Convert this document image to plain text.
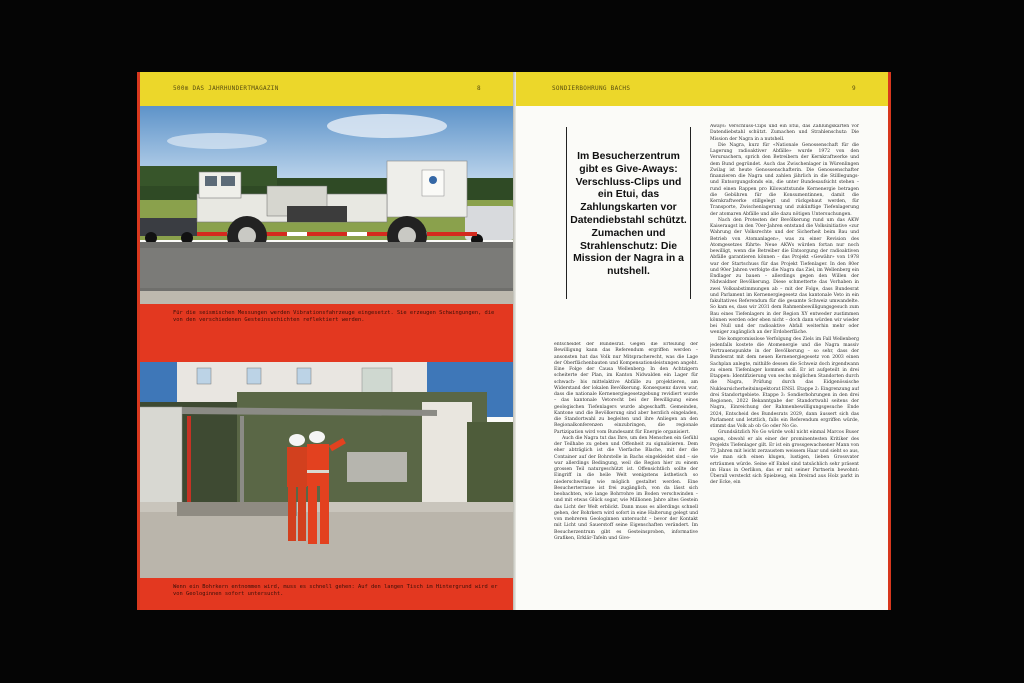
500m DAS JAHRHUNDERTMAGAZIN	8
Für die seismischen Messungen werden Vibrationsfahrzeuge eingesetzt. Sie erzeugen Schwingungen, die von den verschiedenen Gesteinsschichten reflektiert werden.
Wenn ein Bohrkern entnommen wird, muss es schnell gehen: Auf den langen Tisch im Hintergrund wird er von Geologinnen sofort untersucht.
SONDIERBOHRUNG BACHS	9
Im Besucherzentrum gibt es Give-Aways: Verschluss-Clips und ein Etui, das Zahlungskarten vor Datendiebstahl schützt. Zumachen und Strahlenschutz: Die Mission der Nagra in a nutshell.

entscheidet der Bundesrat. Gegen die Erteilung der Bewilligung kann das Referendum ergriffen werden – ansonsten hat das Volk nur Mitspracherecht, was die Lage der Oberflächenbauten und Kompensationsleistungen angeht. Eine Folge der Causa Wellenberg: In den Achtzigern scheiterte der Plan, im Kanton Nidwalden ein Lager für schwach- bis mittelaktive Abfälle zu projektieren, am Widerstand der lokalen Bevölkerung. Konsequenz davon war, dass die nationale Kernenergiegesetzgebung revidiert wurde – das kantonale Vetorecht bei der Bewilligung eines geologischen Tiefenlagers wurde abgeschafft. Gemeinden, Kantone und die Bevölkerung sind aber herzlich eingeladen, die Standortwahl zu begleiten und ihre Anliegen an den Regionalkonferenzen einzubringen, die regionale Partizipation wird vom Bundesamt für Energie organisiert.

Auch die Nagra tut das Ihre, um den Menschen ein Gefühl der Teilhabe zu geben und Offenheit zu signalisieren. Dem eher abträglich ist die Vierfache Blache, mit der die Container auf der Bohrstelle in Bachs eingekleidet sind – sie war allerdings Bedingung, weil die Region hier zu einem grossen Teil naturgeschützt ist. Offensichtlich sollte der Eingriff in die heile Welt wenigstens ästhetisch so niederschwellig wie möglich gestaltet werden. Eine Besucherterrasse ist frei zugänglich, von da lässt sich beobachten, wie lange Bohrrohre im Boden verschwinden – und mit etwas Glück sogar, wie Millionen Jahre altes Gestein das Licht der Welt erblickt. Dann muss es allerdings schnell gehen, der Bohrkern wird sofort in eine Halterung gelegt und von mehreren Geologinnen untersucht – bevor der Kontakt mit Licht und Sauerstoff seine Eigenschaften verändert. Im Besucherzentrum gibt es Gesteinsproben, informative Grafiken, Erklär-Tafeln und Give-

Aways: Verschluss-Clips und ein Etui, das Zahlungskarten vor Datendiebstahl schützt. Zumachen und Strahlenschutz: Die Mission der Nagra in a nutshell.

Die Nagra, kurz für «Nationale Genossenschaft für die Lagerung radioaktiver Abfälle» wurde 1972 von den Verursachern, sprich den Betreibern der Kernkraftwerke und dem Bund gegründet. Auch das Zwischenlager in Würenlingen Zwilag ist heute Genossenschafterin. Die Genossenschafter finanzieren die Nagra und zahlen jährlich in die Stilllegungs- und Entsorgungsfonds ein, die unter Bundesaufsicht stehen – rund einen Rappen pro Kilowattstunde Kernenergie betragen die Gebühren für die Konsumentinnen, damit die Kernkraftwerke stillgelegt und rückgebaut werden, für Transporte, Zwischenlagerung und zukünftige Tiefenlagerung der atomaren Abfälle und alle dazu nötigen Untersuchungen.

Nach den Protesten der Bevölkerung rund um das AKW Kaiseraugst in den 70er-Jahren entstand die Volksinitiative «zur Wahrung der Volksrechte und der Sicherheit beim Bau und Betrieb von Atomanlagen», was zu einer Revision des Atomgesetzes führte: Neue AKWs würden fortan nur noch bewilligt, wenn die Betreiber die Entsorgung der radioaktiven Abfälle garantieren können – das Projekt «Gewähr» von 1978 war der Startschuss für das Projekt Tiefenlager. In den 80er und 90er Jahren verfolgte die Nagra das Ziel, im Wellenberg ein Endlager zu bauen – allerdings gegen den Willen der Nidwaldner Bevölkerung. Diese schmetterte das Vorhaben in zwei Volksabstimmungen ab – mit der Folge, dass Bundesrat und Parlament im Kernenergiegesetz das kantonale Veto in ein fakultatives Referendum für die gesamte Schweiz umwandelte. So kam es, dass wir 2031 dem Rahmenbewilligungsgesuch zum Bau eines Tiefenlagers in der Region XY entweder zustimmen können werden oder eben nicht – doch dann würden wir wieder bei Null und der radioaktive Abfall weiterhin mehr oder weniger zugänglich an der Erdoberfläche.

Die kompromisslose Verfolgung des Ziels im Fall Wellenberg jedenfalls kostete die Atomenergie und die Nagra massiv Vertrauenspunkte in der Bevölkerung – so sehr, dass der Bundesrat mit dem neuen Kernenergiegesetz von 2003 einen Sachplan anlegte, mithilfe dessen die Schweiz doch irgendwann zu einem Tiefenlager kommen soll. Er ist aufgeteilt in drei Etappen: Identifizierung von sechs möglichen Standorten durch die Nagra, Prüfung durch das Eidgenössische Nuklearsicherheitsinspektorat ENSI. Etappe 2: Eingrenzung auf drei Standortgebiete. Etappe 3: Sondierbohrungen in den drei Regionen, 2022 Bekanntgabe der Standortwahl seitens der Nagra, Einreichung der Rahmenbewilligungsgesuche Ende 2024, Entscheid des Bundesrats 2029, dann äussert sich das Parlament und letztlich, falls ein Referendum ergriffen würde, stimmt das Volk ab ob Go oder No Go.

Grundsätzlich No Go würde wohl nicht einmal Marcos Buser sagen, obwohl er als einer der prominentesten Kritiker des Projekts Tiefenlager gilt. Er ist ein grossgewachsener Mann von 73 Jahren mit leicht zerzaustem weissem Haar und sieht so aus, wie man sich einen klugen, lustigen, lieben Grossvater erträumen würde. Seine elf Enkel sind tatsächlich sehr präsent im Haus in Oerlikon, das er mit seiner Partnerin bewohnt: Überall versteckt sich Spielzeug, ein Dreirad aus Holz parkt in der Ecke, ein
